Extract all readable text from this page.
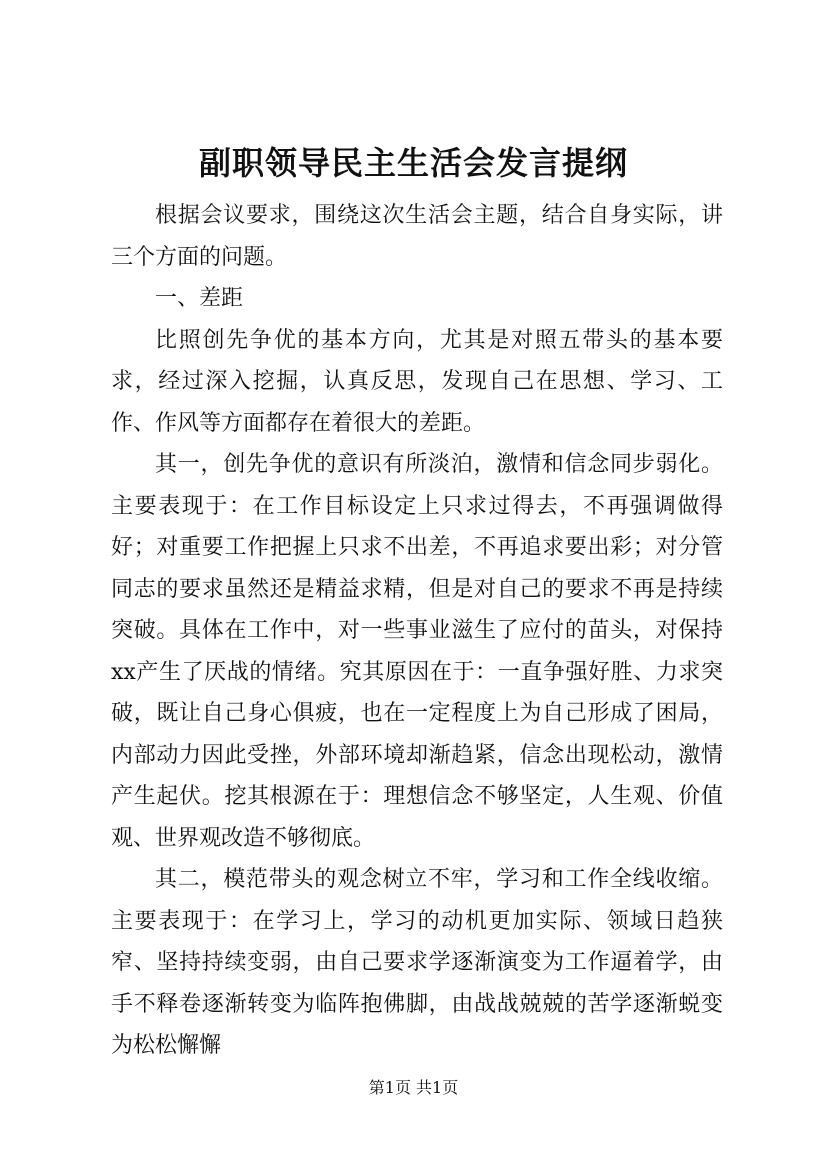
副职领导民主生活会发言提纲

根据会议要求，围绕这次生活会主题，结合自身实际，讲三个方面的问题。

一、差距

比照创先争优的基本方向，尤其是对照五带头的基本要求，经过深入挖掘，认真反思，发现自己在思想、学习、工作、作风等方面都存在着很大的差距。

其一，创先争优的意识有所淡泊，激情和信念同步弱化。主要表现于：在工作目标设定上只求过得去，不再强调做得好；对重要工作把握上只求不出差，不再追求要出彩；对分管同志的要求虽然还是精益求精，但是对自己的要求不再是持续突破。具体在工作中，对一些事业滋生了应付的苗头，对保持xx产生了厌战的情绪。究其原因在于：一直争强好胜、力求突破，既让自己身心俱疲，也在一定程度上为自己形成了困局，内部动力因此受挫，外部环境却渐趋紧，信念出现松动，激情产生起伏。挖其根源在于：理想信念不够坚定，人生观、价值观、世界观改造不够彻底。

其二，模范带头的观念树立不牢，学习和工作全线收缩。主要表现于：在学习上，学习的动机更加实际、领域日趋狭窄、坚持持续变弱，由自己要求学逐渐演变为工作逼着学，由手不释卷逐渐转变为临阵抱佛脚，由战战兢兢的苦学逐渐蜕变为松松懈懈

第1页 共1页
